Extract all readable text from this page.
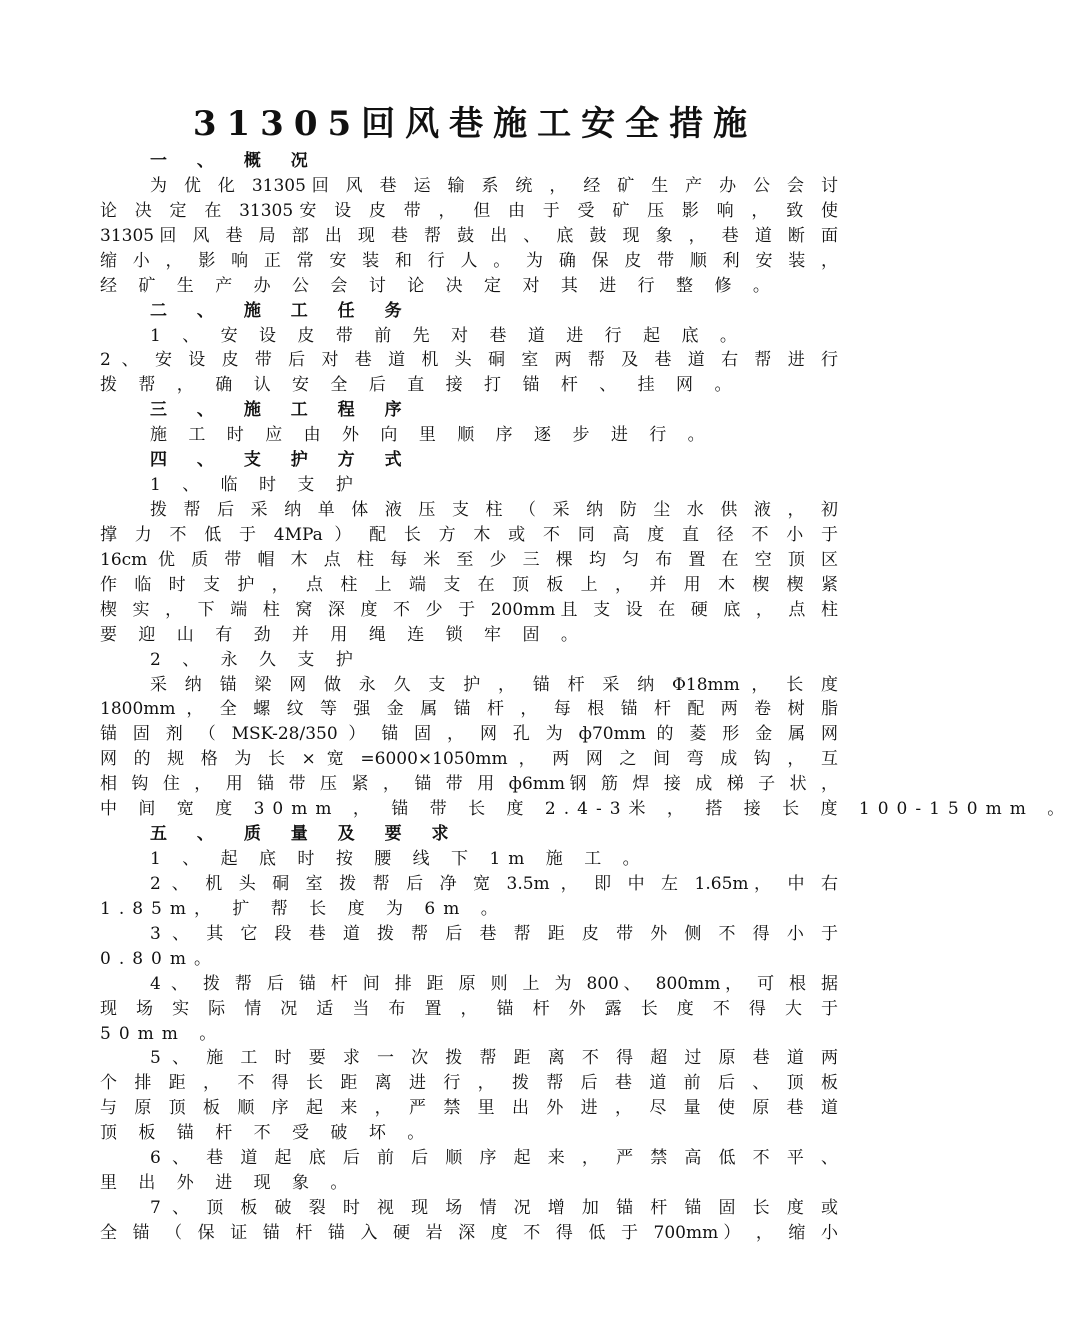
31305回风巷施工安全措施
一 、 概 况
为 优 化 31305回 风 巷 运 输 系 统 ， 经 矿 生 产 办 公 会 讨
论 决 定 在 31305安 设 皮 带 ， 但 由 于 受 矿 压 影 响 ， 致 使
31305回 风 巷 局 部 出 现 巷 帮 鼓 出 、 底 鼓 现 象 ， 巷 道 断 面
缩 小 ， 影 响 正 常 安 装 和 行 人 。 为 确 保 皮 带 顺 利 安 装 ，
经 矿 生 产 办 公 会 讨 论 决 定 对 其 进 行 整 修 。
二 、 施 工 任 务
1 、 安 设 皮 带 前 先 对 巷 道 进 行 起 底 。
2 、 安 设 皮 带 后 对 巷 道 机 头 硐 室 两 帮 及 巷 道 右 帮 进 行
拨 帮 ， 确 认 安 全 后 直 接 打 锚 杆 、 挂 网 。
三 、 施 工 程 序
施 工 时 应 由 外 向 里 顺 序 逐 步 进 行 。
四 、 支 护 方 式
1 、 临 时 支 护
拨 帮 后 采 纳 单 体 液 压 支 柱 （ 采 纳 防 尘 水 供 液 ， 初
撑 力 不 低 于 4MPa ） 配 长 方 木 或 不 同 高 度 直 径 不 小 于
16cm 优 质 带 帽 木 点 柱 每 米 至 少 三 棵 均 匀 布 置 在 空 顶 区
作 临 时 支 护 ， 点 柱 上 端 支 在 顶 板 上 ， 并 用 木 楔 楔 紧
楔 实 ， 下 端 柱 窝 深 度 不 少 于 200mm且 支 设 在 硬 底 ， 点 柱
要 迎 山 有 劲 并 用 绳 连 锁 牢 固 。
2 、 永 久 支 护
采 纳 锚 梁 网 做 永 久 支 护 ， 锚 杆 采 纳 Φ18mm ， 长 度
1800mm ， 全 螺 纹 等 强 金 属 锚 杆 ， 每 根 锚 杆 配 两 卷 树 脂
锚 固 剂 （ MSK-28/350 ） 锚 固 ， 网 孔 为 ф70mm 的 菱 形 金 属 网
网 的 规 格 为 长 × 宽 =6000×1050mm ， 两 网 之 间 弯 成 钩 ， 互
相 钩 住 ， 用 锚 带 压 紧 ， 锚 带 用 ф6mm钢 筋 焊 接 成 梯 子 状 ，
中 间 宽 度 30mm ， 锚 带 长 度 2.4-3米 ， 搭 接 长 度 100-150mm 。
五 、 质 量 及 要 求
1 、 起 底 时 按 腰 线 下 1m 施 工 。
2 、 机 头 硐 室 拨 帮 后 净 宽 3.5m ， 即 中 左 1.65m， 中 右
1.85m， 扩 帮 长 度 为 6m 。
3 、 其 它 段 巷 道 拨 帮 后 巷 帮 距 皮 带 外 侧 不 得 小 于
0.80m。
4 、 拨 帮 后 锚 杆 间 排 距 原 则 上 为 800、 800mm， 可 根 据
现 场 实 际 情 况 适 当 布 置 ， 锚 杆 外 露 长 度 不 得 大 于
50mm 。
5 、 施 工 时 要 求 一 次 拨 帮 距 离 不 得 超 过 原 巷 道 两
个 排 距 ， 不 得 长 距 离 进 行 ， 拨 帮 后 巷 道 前 后 、 顶 板
与 原 顶 板 顺 序 起 来 ， 严 禁 里 出 外 进 ， 尽 量 使 原 巷 道
顶 板 锚 杆 不 受 破 坏 。
6 、 巷 道 起 底 后 前 后 顺 序 起 来 ， 严 禁 高 低 不 平 、
里 出 外 进 现 象 。
7 、 顶 板 破 裂 时 视 现 场 情 况 增 加 锚 杆 锚 固 长 度 或
全 锚 （ 保 证 锚 杆 锚 入 硬 岩 深 度 不 得 低 于 700mm） ， 缩 小
